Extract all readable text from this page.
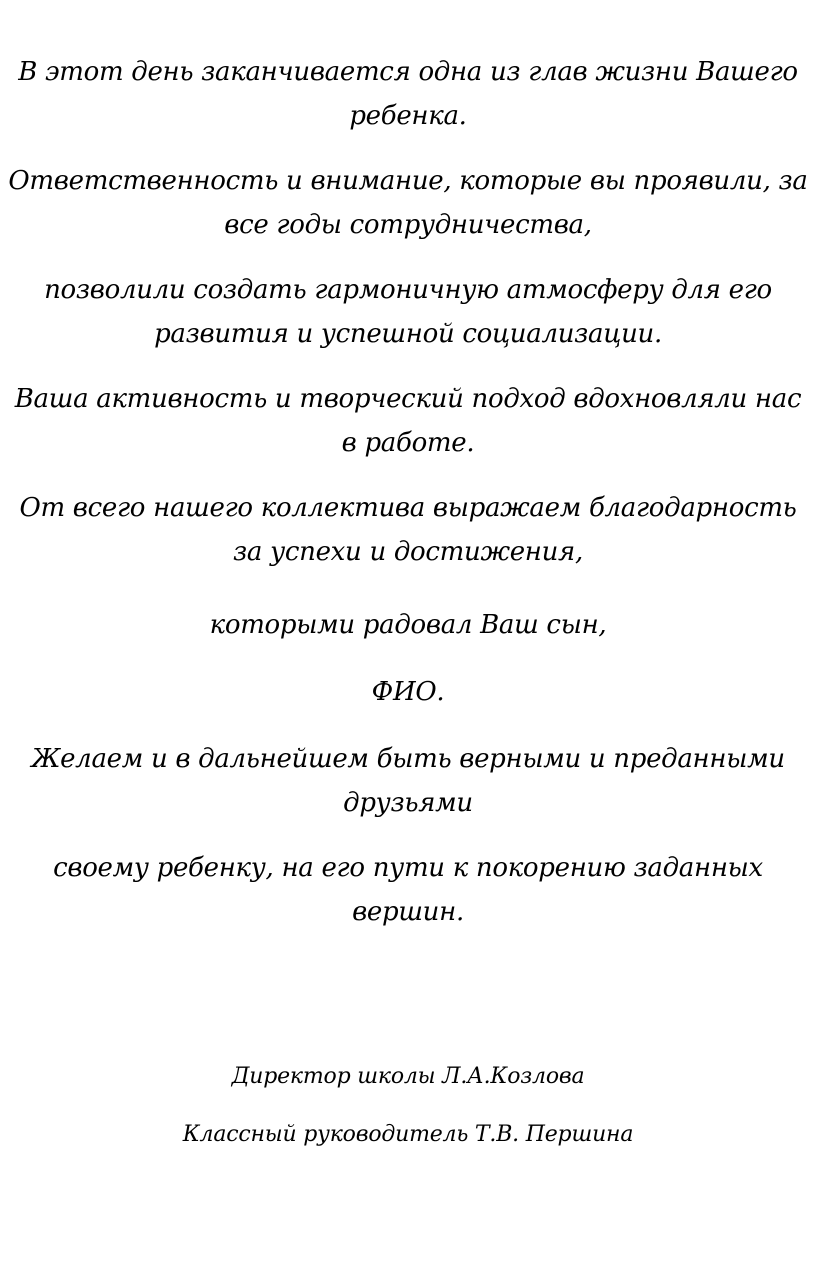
В этот день заканчивается одна из глав жизни Вашего
ребенка.

Ответственность и внимание, которые вы проявили, за
все годы сотрудничества,

позволили создать гармоничную атмосферу для его
развития и успешной социализации.

Ваша активность и творческий подход вдохновляли нас
в работе.

От всего нашего коллектива выражаем благодарность
за успехи и достижения,

которыми радовал Ваш сын,

ФИО.

Желаем и в дальнейшем быть верными и преданными
друзьями

своему ребенку, на его пути к покорению заданных
вершин.

Директор школы Л.А.Козлова

Классный руководитель Т.В. Першина
